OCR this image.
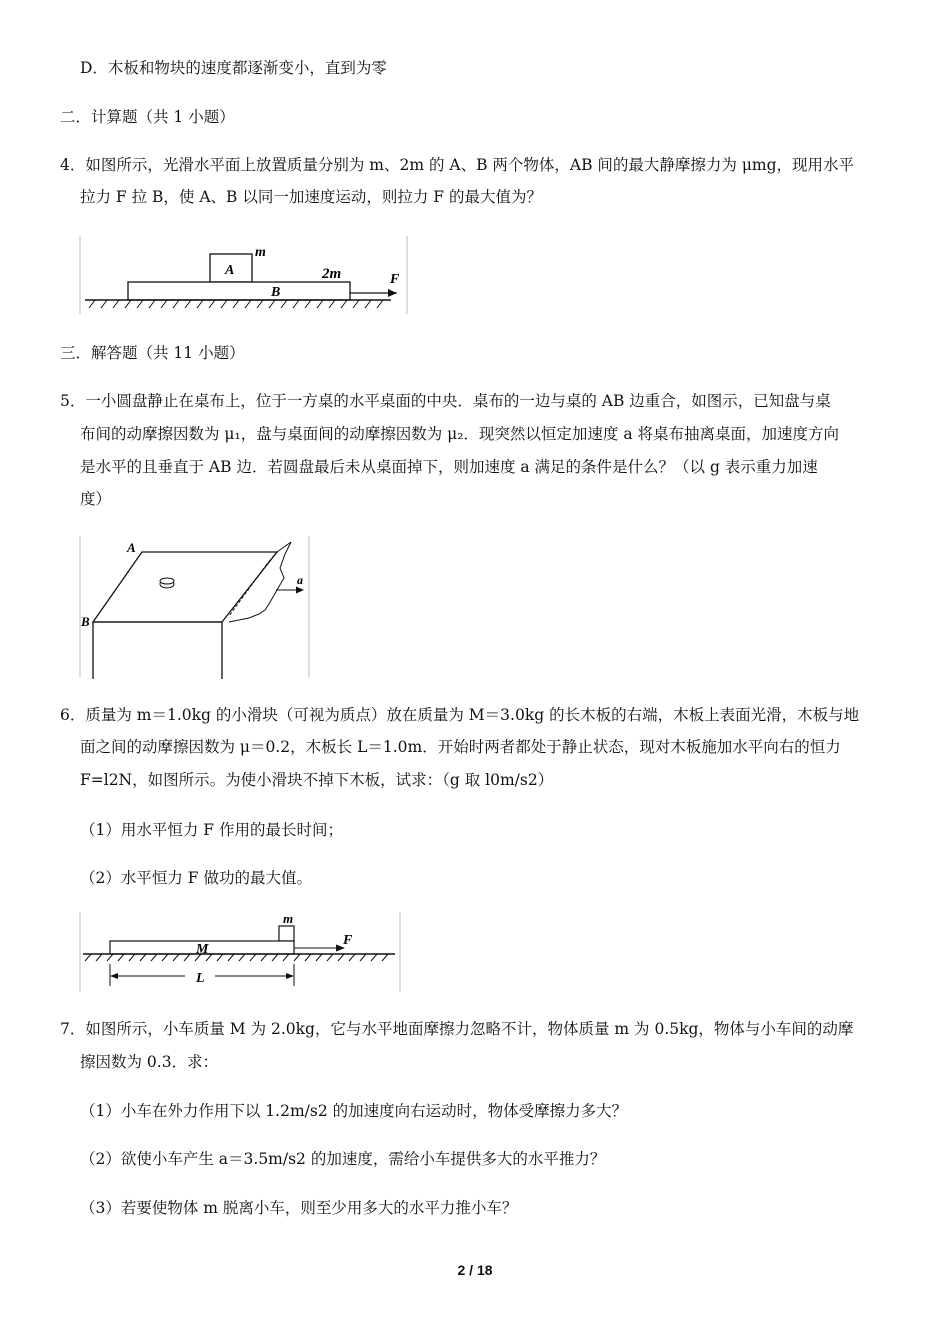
D．木板和物块的速度都逐渐变小，直到为零
二．计算题（共 1 小题）
4．如图所示，光滑水平面上放置质量分别为 m、2m 的 A、B 两个物体，AB 间的最大静摩擦力为 μmg，现用水平
拉力 F 拉 B，使 A、B 以同一加速度运动，则拉力 F 的最大值为？
m
A	2m
B
F
三．解答题（共 11 小题）
5．一小圆盘静止在桌布上，位于一方桌的水平桌面的中央．桌布的一边与桌的 AB 边重合，如图示，已知盘与桌
布间的动摩擦因数为 μ₁，盘与桌面间的动摩擦因数为 μ₂．现突然以恒定加速度 a 将桌布抽离桌面，加速度方向
是水平的且垂直于 AB 边．若圆盘最后未从桌面掉下，则加速度 a 满足的条件是什么？（以 g 表示重力加速
度）
A
B
a
6．质量为 m＝1.0kg 的小滑块（可视为质点）放在质量为 M＝3.0kg 的长木板的右端，木板上表面光滑，木板与地
面之间的动摩擦因数为 μ＝0.2，木板长 L＝1.0m．开始时两者都处于静止状态，现对木板施加水平向右的恒力
F=l2N，如图所示。为使小滑块不掉下木板，试求：（g 取 l0m/s2）
（1）用水平恒力 F 作用的最长时间；
（2）水平恒力 F 做功的最大值。
m
M
F
L
7．如图所示，小车质量 M 为 2.0kg，它与水平地面摩擦力忽略不计，物体质量 m 为 0.5kg，物体与小车间的动摩
擦因数为 0.3．求：
（1）小车在外力作用下以 1.2m/s2 的加速度向右运动时，物体受摩擦力多大？
（2）欲使小车产生 a＝3.5m/s2 的加速度，需给小车提供多大的水平推力？
（3）若要使物体 m 脱离小车，则至少用多大的水平力推小车？
2 / 18
